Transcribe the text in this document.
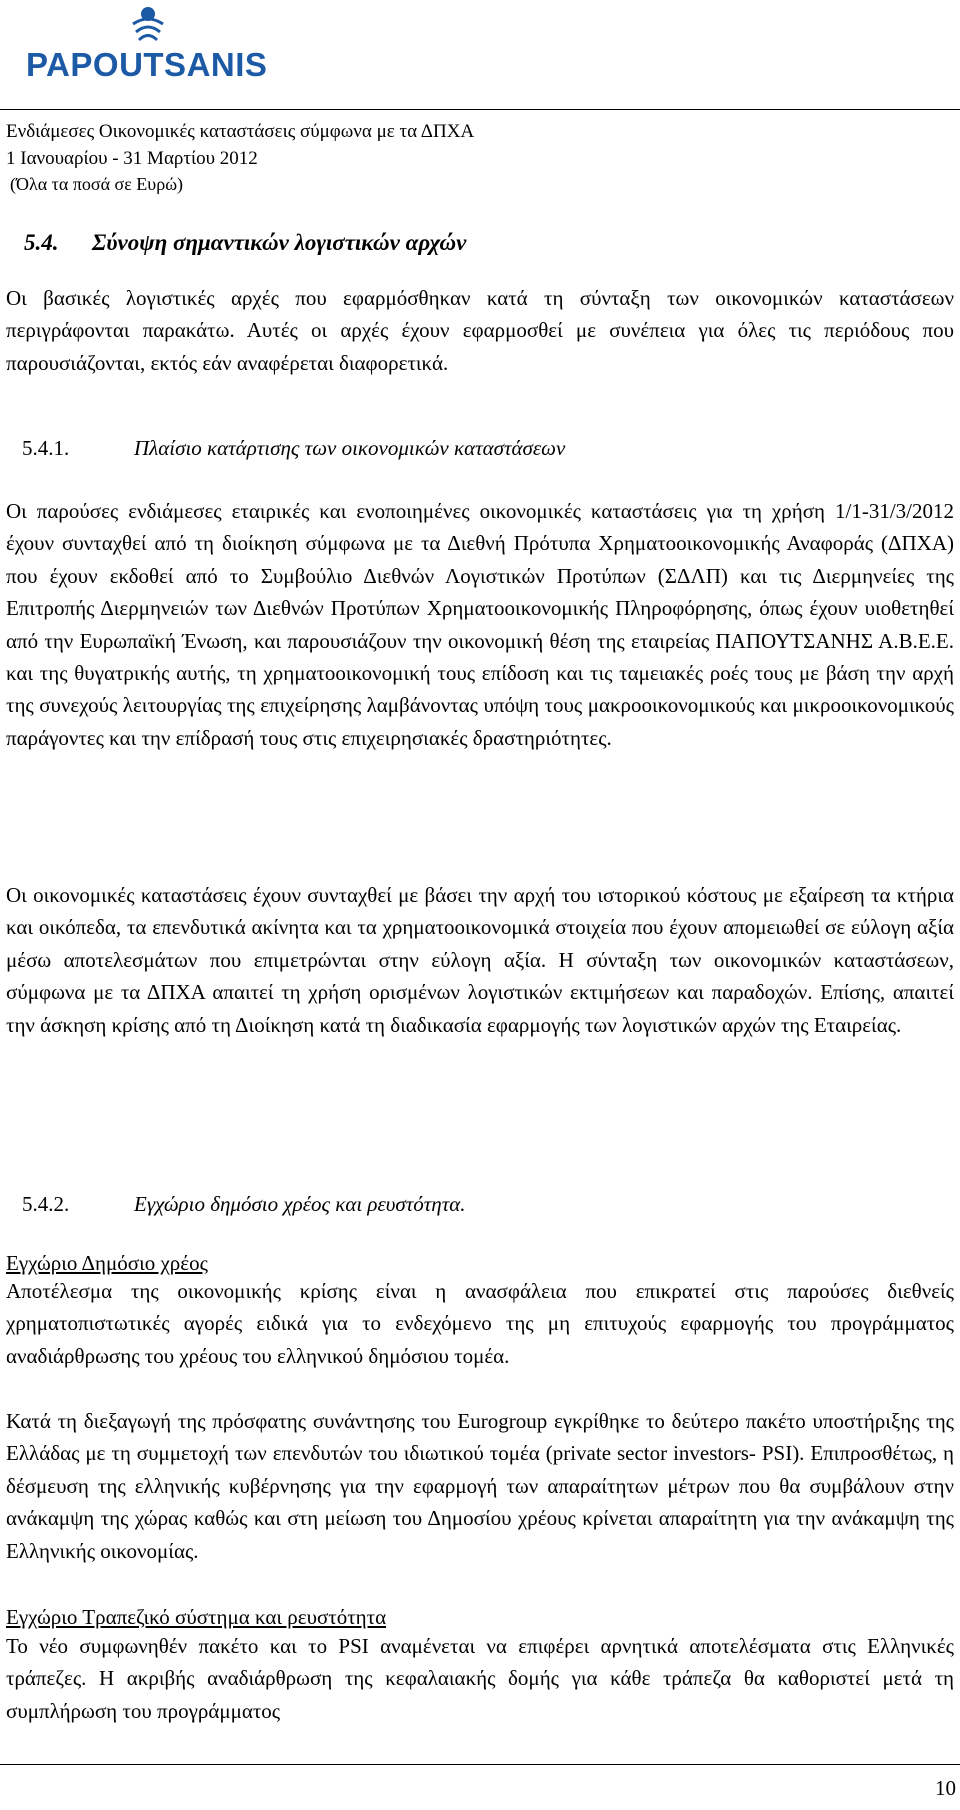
PAPOUTSANIS
Ενδιάμεσες Οικονομικές καταστάσεις σύμφωνα με τα ΔΠΧΑ
1 Ιανουαρίου - 31 Μαρτίου 2012
(Όλα τα ποσά σε Ευρώ)
5.4. Σύνοψη σημαντικών λογιστικών αρχών
Οι βασικές λογιστικές αρχές που εφαρμόσθηκαν κατά τη σύνταξη των οικονομικών καταστάσεων περιγράφονται παρακάτω. Αυτές οι αρχές έχουν εφαρμοσθεί με συνέπεια για όλες τις περιόδους που παρουσιάζονται, εκτός εάν αναφέρεται διαφορετικά.
5.4.1.	Πλαίσιο κατάρτισης των οικονομικών καταστάσεων
Οι παρούσες ενδιάμεσες εταιρικές και ενοποιημένες οικονομικές καταστάσεις για τη χρήση 1/1-31/3/2012 έχουν συνταχθεί από τη διοίκηση σύμφωνα με τα Διεθνή Πρότυπα Χρηματοοικονομικής Αναφοράς (ΔΠΧΑ) που έχουν εκδοθεί από το Συμβούλιο Διεθνών Λογιστικών Προτύπων (ΣΔΛΠ) και τις Διερμηνείες της Επιτροπής Διερμηνειών των Διεθνών Προτύπων Χρηματοοικονομικής Πληροφόρησης, όπως έχουν υιοθετηθεί από την Ευρωπαϊκή Ένωση, και παρουσιάζουν την οικονομική θέση της εταιρείας ΠΑΠΟΥΤΣΑΝΗΣ Α.Β.Ε.Ε. και της θυγατρικής αυτής, τη χρηματοοικονομική τους επίδοση και τις ταμειακές ροές τους με βάση την αρχή της συνεχούς λειτουργίας της επιχείρησης λαμβάνοντας υπόψη τους μακροοικονομικούς και μικροοικονομικούς παράγοντες και την επίδρασή τους στις επιχειρησιακές δραστηριότητες.
Οι οικονομικές καταστάσεις έχουν συνταχθεί με βάσει την αρχή του ιστορικού κόστους με εξαίρεση τα κτήρια και οικόπεδα, τα επενδυτικά ακίνητα και τα χρηματοοικονομικά στοιχεία που έχουν απομειωθεί σε εύλογη αξία μέσω αποτελεσμάτων που επιμετρώνται στην εύλογη αξία. Η σύνταξη των οικονομικών καταστάσεων, σύμφωνα με τα ΔΠΧΑ απαιτεί τη χρήση ορισμένων λογιστικών εκτιμήσεων και παραδοχών. Επίσης, απαιτεί την άσκηση κρίσης από τη Διοίκηση κατά τη διαδικασία εφαρμογής των λογιστικών αρχών της Εταιρείας.
5.4.2.	Εγχώριο δημόσιο χρέος και ρευστότητα.
Εγχώριο Δημόσιο χρέος
Αποτέλεσμα της οικονομικής κρίσης είναι η ανασφάλεια που επικρατεί στις παρούσες διεθνείς χρηματοπιστωτικές αγορές ειδικά για το ενδεχόμενο της μη επιτυχούς εφαρμογής του προγράμματος αναδιάρθρωσης του χρέους του ελληνικού δημόσιου τομέα.
Κατά τη διεξαγωγή της πρόσφατης συνάντησης του Eurogroup εγκρίθηκε το δεύτερο πακέτο υποστήριξης της Ελλάδας με τη συμμετοχή των επενδυτών του ιδιωτικού τομέα (private sector investors- PSI). Επιπροσθέτως, η δέσμευση της ελληνικής κυβέρνησης για την εφαρμογή των απαραίτητων μέτρων που θα συμβάλουν στην ανάκαμψη της χώρας καθώς και στη μείωση του Δημοσίου χρέους κρίνεται απαραίτητη για την ανάκαμψη της Ελληνικής οικονομίας.
Εγχώριο Τραπεζικό σύστημα και ρευστότητα
Το νέο συμφωνηθέν πακέτο και το PSI αναμένεται να επιφέρει αρνητικά αποτελέσματα στις Ελληνικές τράπεζες. Η ακριβής αναδιάρθρωση της κεφαλαιακής δομής για κάθε τράπεζα θα καθοριστεί μετά τη συμπλήρωση του προγράμματος
10
